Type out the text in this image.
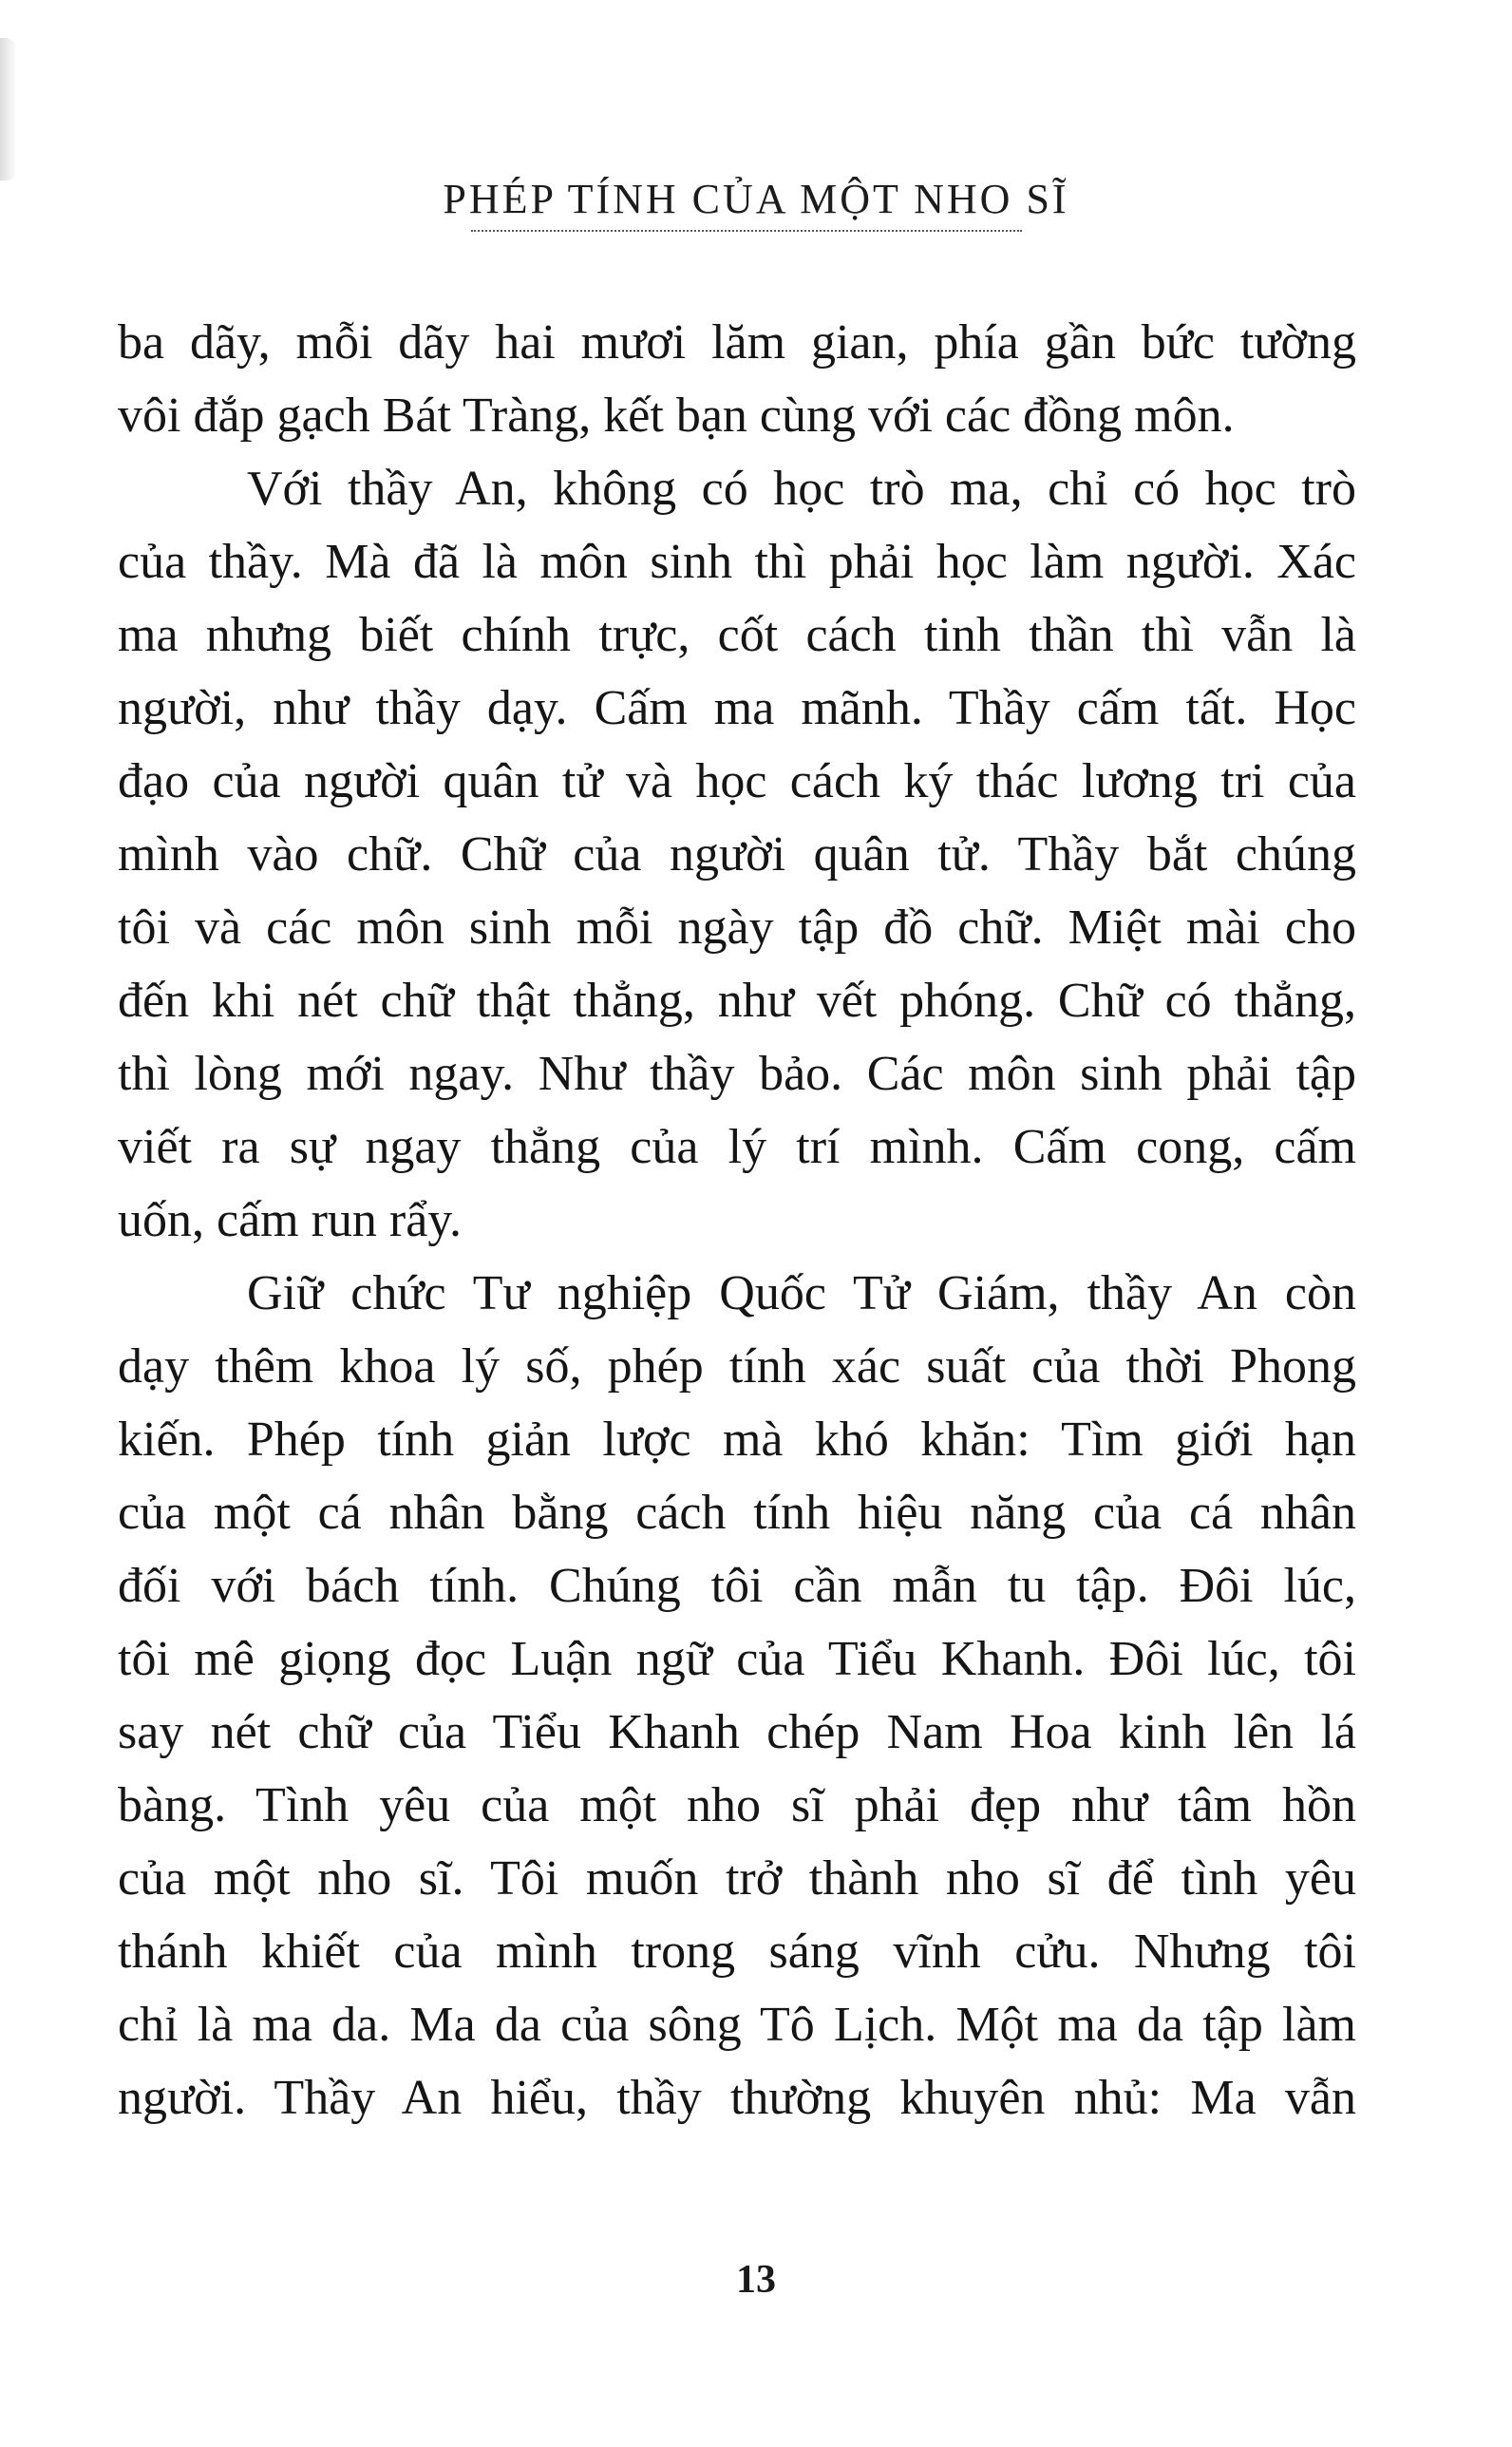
PHÉP TÍNH CỦA MỘT NHO SĨ
ba dãy, mỗi dãy hai mươi lăm gian, phía gần bức tường
vôi đắp gạch Bát Tràng, kết bạn cùng với các đồng môn.
Với thầy An, không có học trò ma, chỉ có học trò
của thầy. Mà đã là môn sinh thì phải học làm người. Xác
ma nhưng biết chính trực, cốt cách tinh thần thì vẫn là
người, như thầy dạy. Cấm ma mãnh. Thầy cấm tất. Học
đạo của người quân tử và học cách ký thác lương tri của
mình vào chữ. Chữ của người quân tử. Thầy bắt chúng
tôi và các môn sinh mỗi ngày tập đồ chữ. Miệt mài cho
đến khi nét chữ thật thẳng, như vết phóng. Chữ có thẳng,
thì lòng mới ngay. Như thầy bảo. Các môn sinh phải tập
viết ra sự ngay thẳng của lý trí mình. Cấm cong, cấm
uốn, cấm run rẩy.
Giữ chức Tư nghiệp Quốc Tử Giám, thầy An còn
dạy thêm khoa lý số, phép tính xác suất của thời Phong
kiến. Phép tính giản lược mà khó khăn: Tìm giới hạn
của một cá nhân bằng cách tính hiệu năng của cá nhân
đối với bách tính. Chúng tôi cần mẫn tu tập. Đôi lúc,
tôi mê giọng đọc Luận ngữ của Tiểu Khanh. Đôi lúc, tôi
say nét chữ của Tiểu Khanh chép Nam Hoa kinh lên lá
bàng. Tình yêu của một nho sĩ phải đẹp như tâm hồn
của một nho sĩ. Tôi muốn trở thành nho sĩ để tình yêu
thánh khiết của mình trong sáng vĩnh cửu. Nhưng tôi
chỉ là ma da. Ma da của sông Tô Lịch. Một ma da tập làm
người. Thầy An hiểu, thầy thường khuyên nhủ: Ma vẫn
13
